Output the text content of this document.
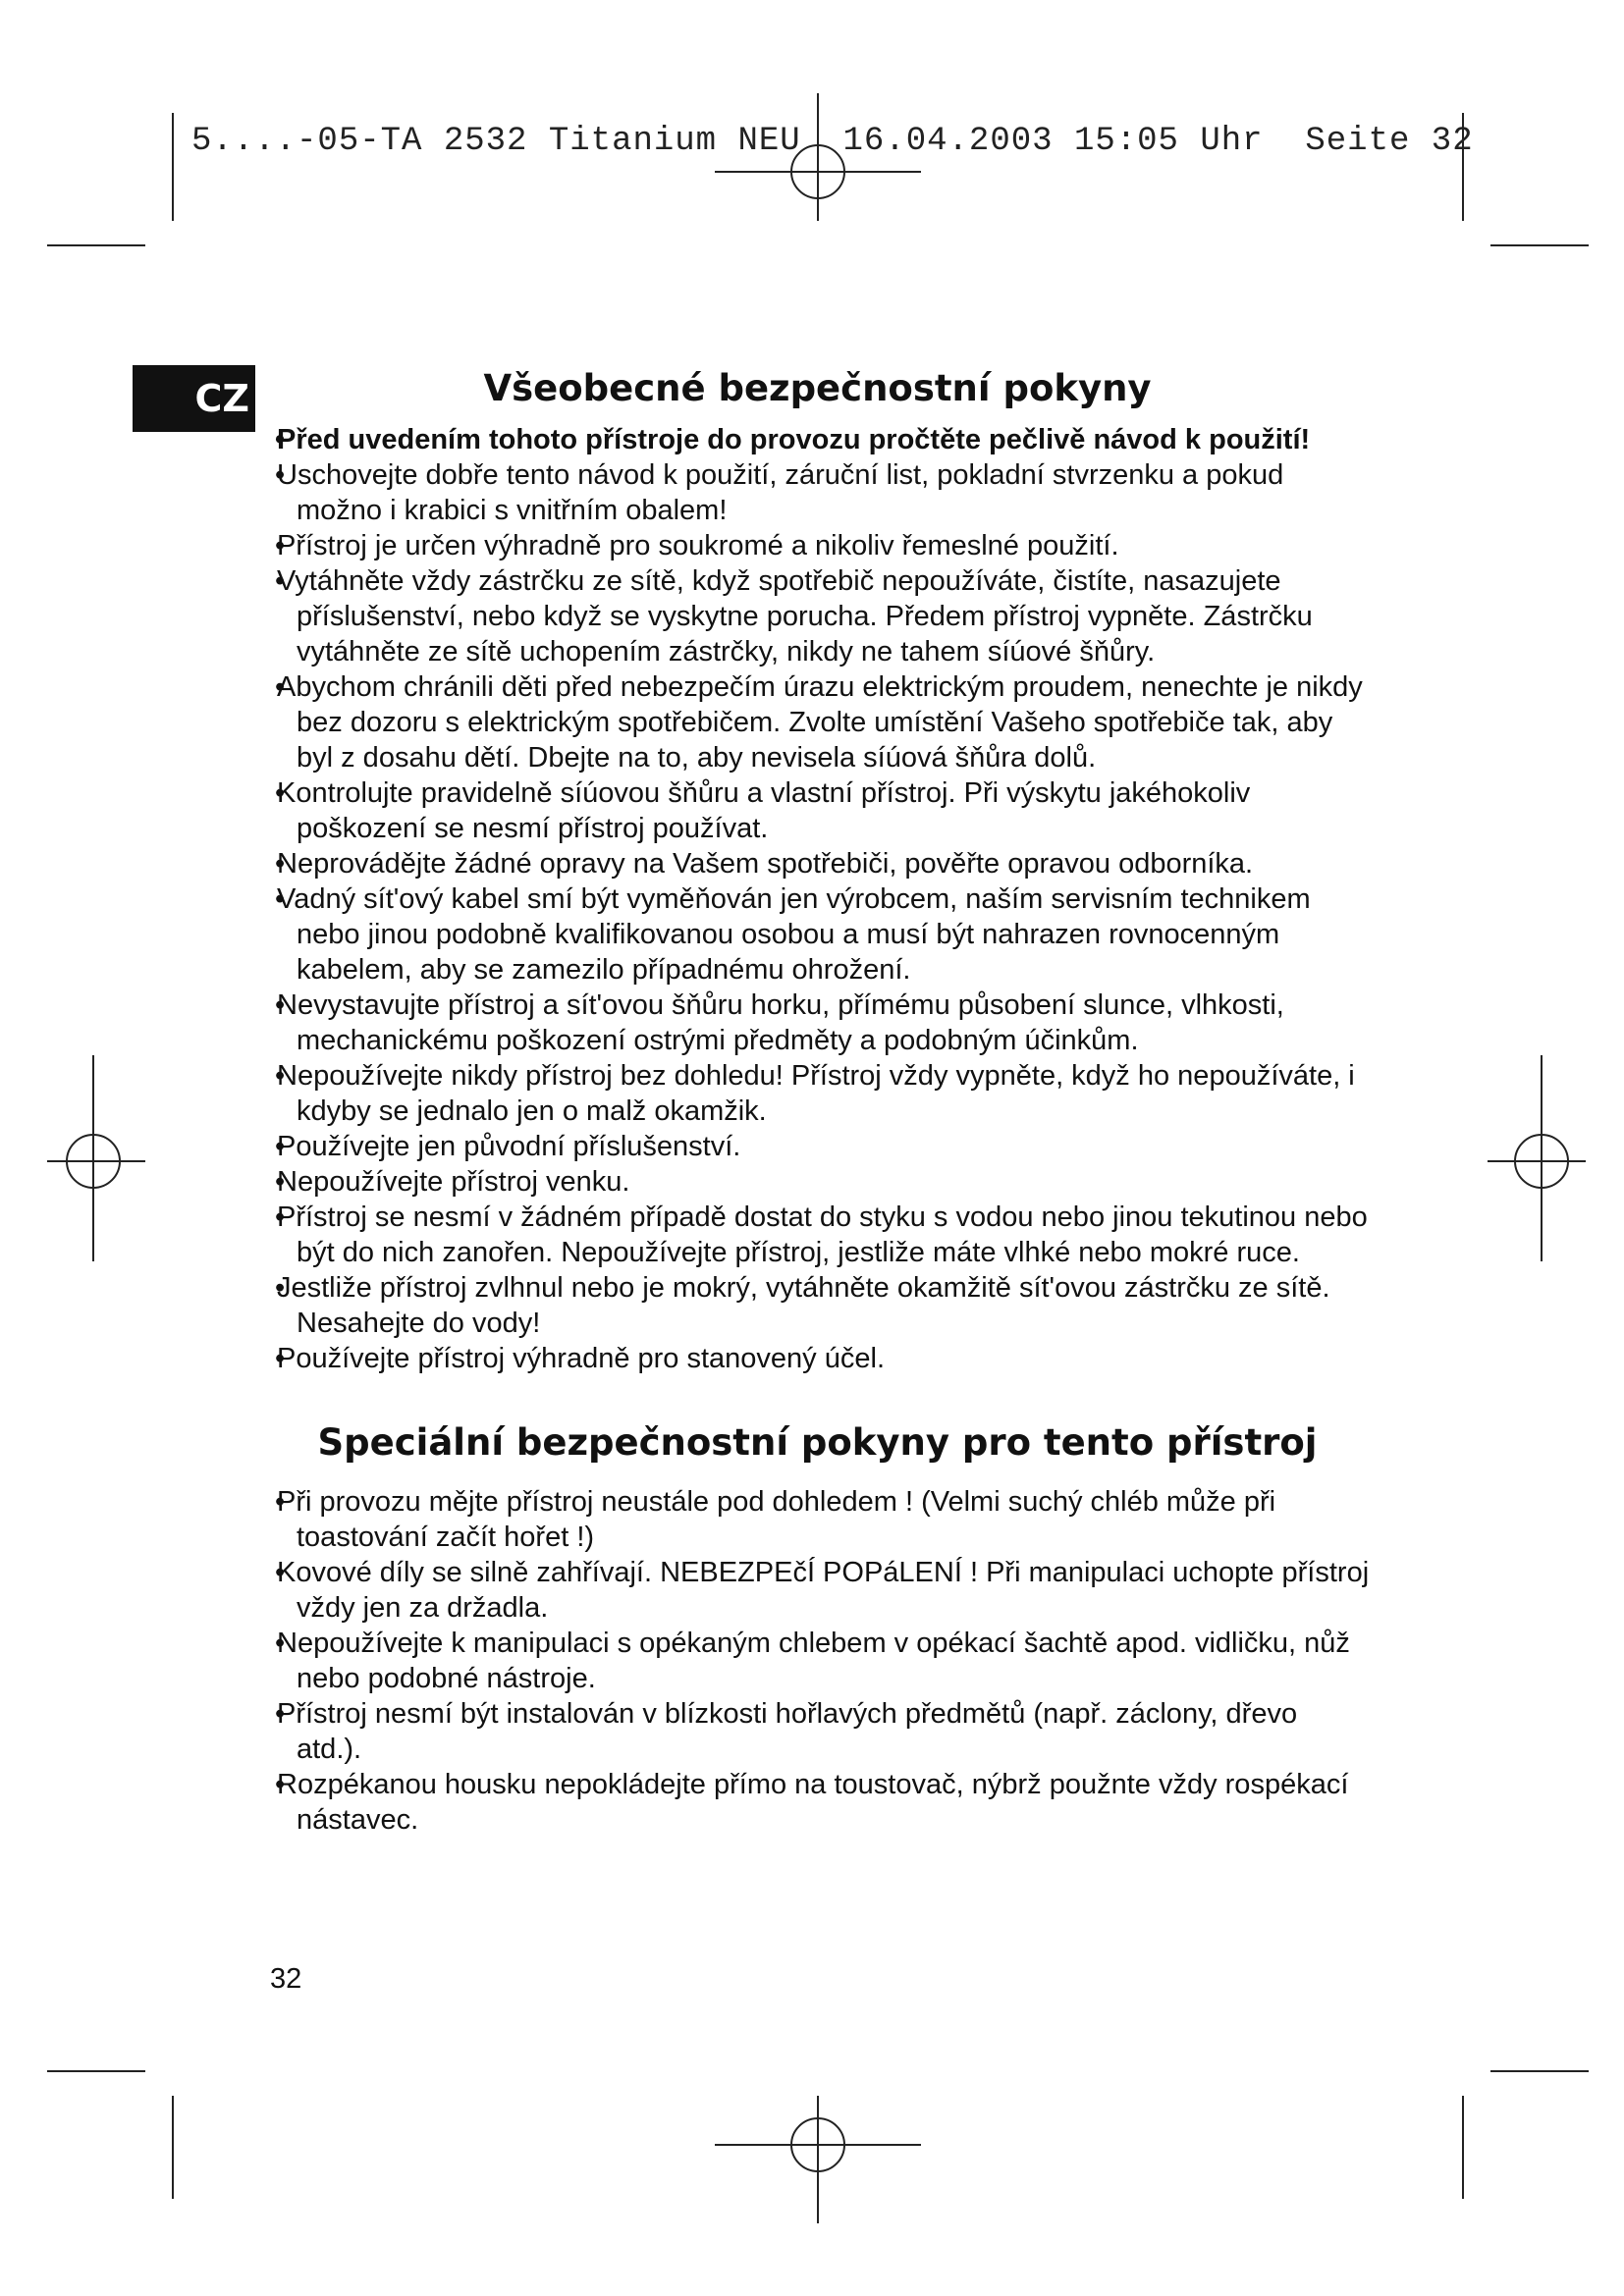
5....-05-TA 2532 Titanium NEU  16.04.2003 15:05 Uhr  Seite 32
CZ	Všeobecné bezpečnostní pokyny
• Před uvedením tohoto přístroje do provozu pročtěte pečlivě návod k použití!
• Uschovejte dobře tento návod k použití, záruční list, pokladní stvrzenku a pokud možno i krabici s vnitřním obalem!
• Přístroj je určen výhradně pro soukromé a nikoliv řemeslné použití.
• Vytáhněte vždy zástrčku ze sítě, když spotřebič nepoužíváte, čistíte, nasazujete příslušenství, nebo když se vyskytne porucha. Předem přístroj vypněte. Zástrčku vytáhněte ze sítě uchopením zástrčky, nikdy ne tahem síúové šňůry.
• Abychom chránili děti před nebezpečím úrazu elektrickým proudem, nenechte je nikdy bez dozoru s elektrickým spotřebičem. Zvolte umístění Vašeho spotřebiče tak, aby byl z dosahu dětí. Dbejte na to, aby nevisela síúová šňůra dolů.
• Kontrolujte pravidelně síúovou šňůru a vlastní přístroj. Při výskytu jakéhokoliv poškození se nesmí přístroj používat.
• Neprovádějte žádné opravy na Vašem spotřebiči, pověřte opravou odborníka.
• Vadný sít'ový kabel smí být vyměňován jen výrobcem, naším servisním technikem nebo jinou podobně kvalifikovanou osobou a musí být nahrazen rovnocenným kabelem, aby se zamezilo případnému ohrožení.
• Nevystavujte přístroj a sít'ovou šňůru horku, přímému působení slunce, vlhkosti, mechanickému poškození ostrými předměty a podobným účinkům.
• Nepoužívejte nikdy přístroj bez dohledu! Přístroj vždy vypněte, když ho nepoužíváte, i kdyby se jednalo jen o malž okamžik.
• Používejte jen původní příslušenství.
• Nepoužívejte přístroj venku.
• Přístroj se nesmí v žádném případě dostat do styku s vodou nebo jinou tekutinou nebo být do nich zanořen. Nepoužívejte přístroj, jestliže máte vlhké nebo mokré ruce.
• Jestliže přístroj zvlhnul nebo je mokrý, vytáhněte okamžitě sít'ovou zástrčku ze sítě. Nesahejte do vody!
• Používejte přístroj výhradně pro stanovený účel.
Speciální bezpečnostní pokyny pro tento přístroj
• Při provozu mějte přístroj neustále pod dohledem ! (Velmi suchý chléb může při toastování začít hořet !)
• Kovové díly se silně zahřívají. NEBEZPEčÍ POPáLENÍ ! Při manipulaci uchopte přístroj vždy jen za držadla.
• Nepoužívejte k manipulaci s opékaným chlebem v opékací šachtě apod. vidličku, nůž nebo podobné nástroje.
• Přístroj nesmí být instalován v blízkosti hořlavých předmětů (např. záclony, dřevo atd.).
• Rozpékanou housku nepokládejte přímo na toustovač, nýbrž použnte vždy rospékací nástavec.
32
